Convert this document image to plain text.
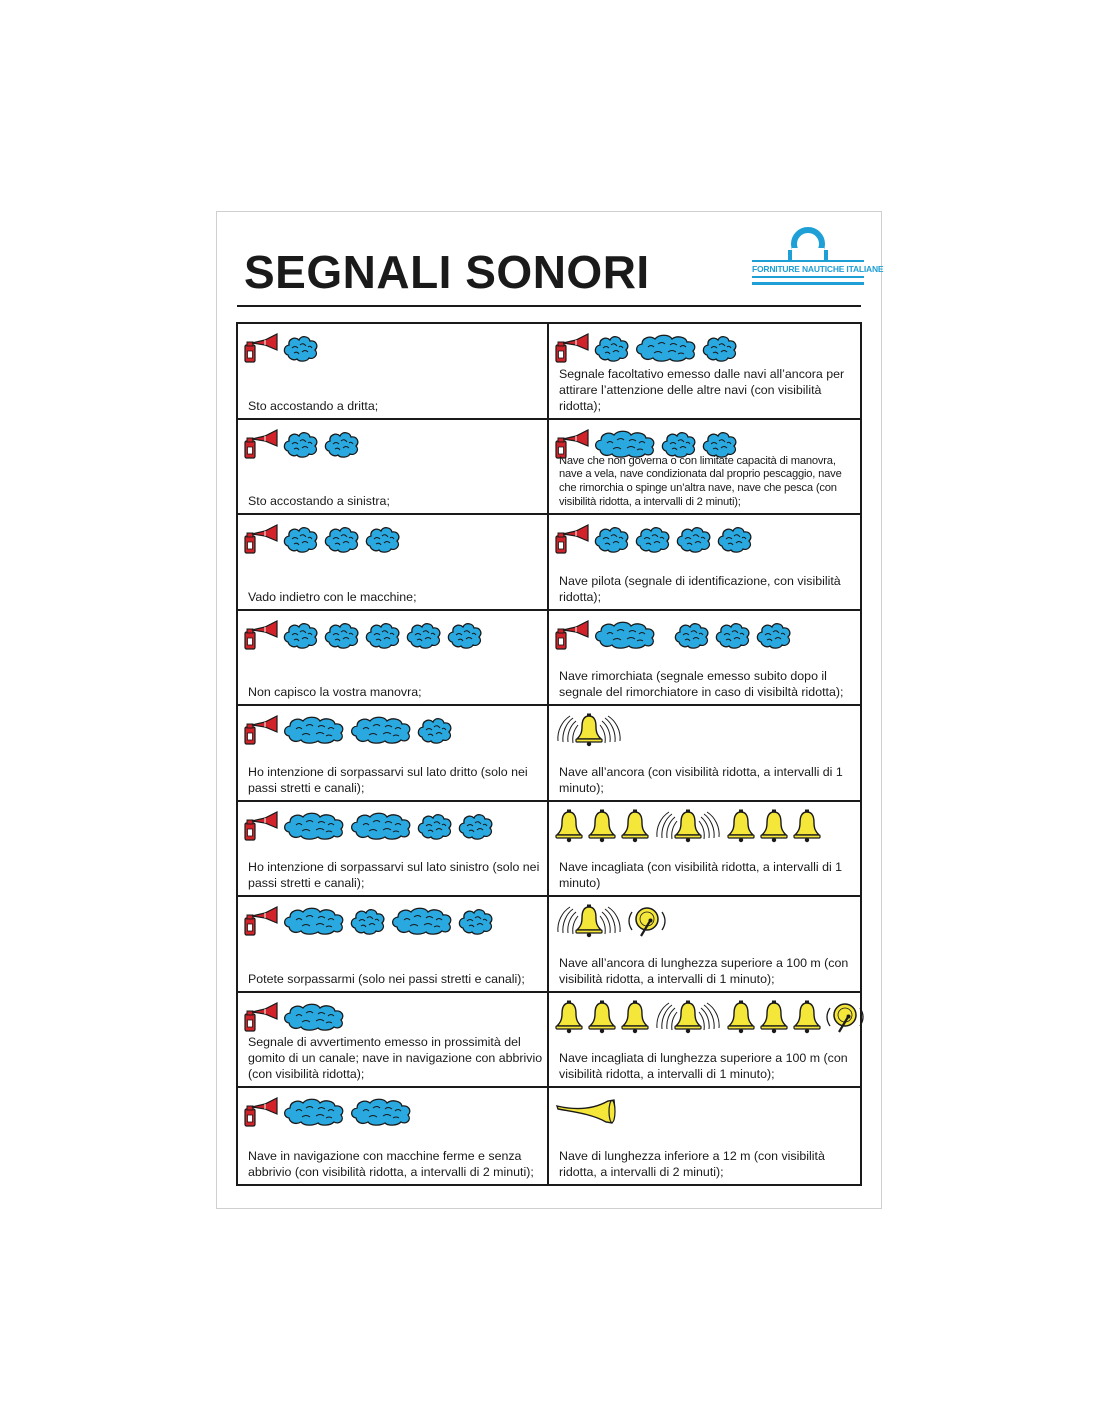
SEGNALI SONORI	FORNITURE NAUTICHE ITALIANE
Sto accostando a dritta;
Segnale facoltativo emesso dalle navi all’ancora per attirare l’attenzione delle altre navi (con visibilità ridotta);
Sto accostando a sinistra;
Nave che non governa o con limitate capacità di manovra, nave a vela, nave condizionata dal proprio pescaggio, nave che rimorchia o spinge un’altra nave, nave che pesca (con visibilità ridotta, a intervalli di 2 minuti);
Vado indietro con le macchine;
Nave pilota (segnale di identificazione, con visibilità ridotta);
Non capisco la vostra manovra;
Nave rimorchiata (segnale emesso subito dopo il segnale del rimorchiatore in caso di visibiltà ridotta);
Ho intenzione di sorpassarvi sul lato dritto (solo nei passi stretti e canali);
Nave all’ancora (con visibilità ridotta, a intervalli di 1 minuto);
Ho intenzione di sorpassarvi sul lato sinistro (solo nei passi stretti e canali);
Nave incagliata (con visibilità ridotta, a intervalli di 1 minuto)
Potete sorpassarmi (solo nei passi stretti e canali);
Nave all’ancora di lunghezza superiore a 100 m (con visibilità ridotta, a intervalli di 1 minuto);
Segnale di avvertimento emesso in prossimità del gomito di un canale; nave in navigazione con abbrivio (con visibilità ridotta);
Nave incagliata di lunghezza superiore a 100 m (con visibilità ridotta, a intervalli di 1 minuto);
Nave in navigazione con macchine ferme e senza abbrivio (con visibilità ridotta, a intervalli di 2 minuti);
Nave di lunghezza inferiore a 12 m (con visibilità ridotta, a intervalli di 2 minuti);
